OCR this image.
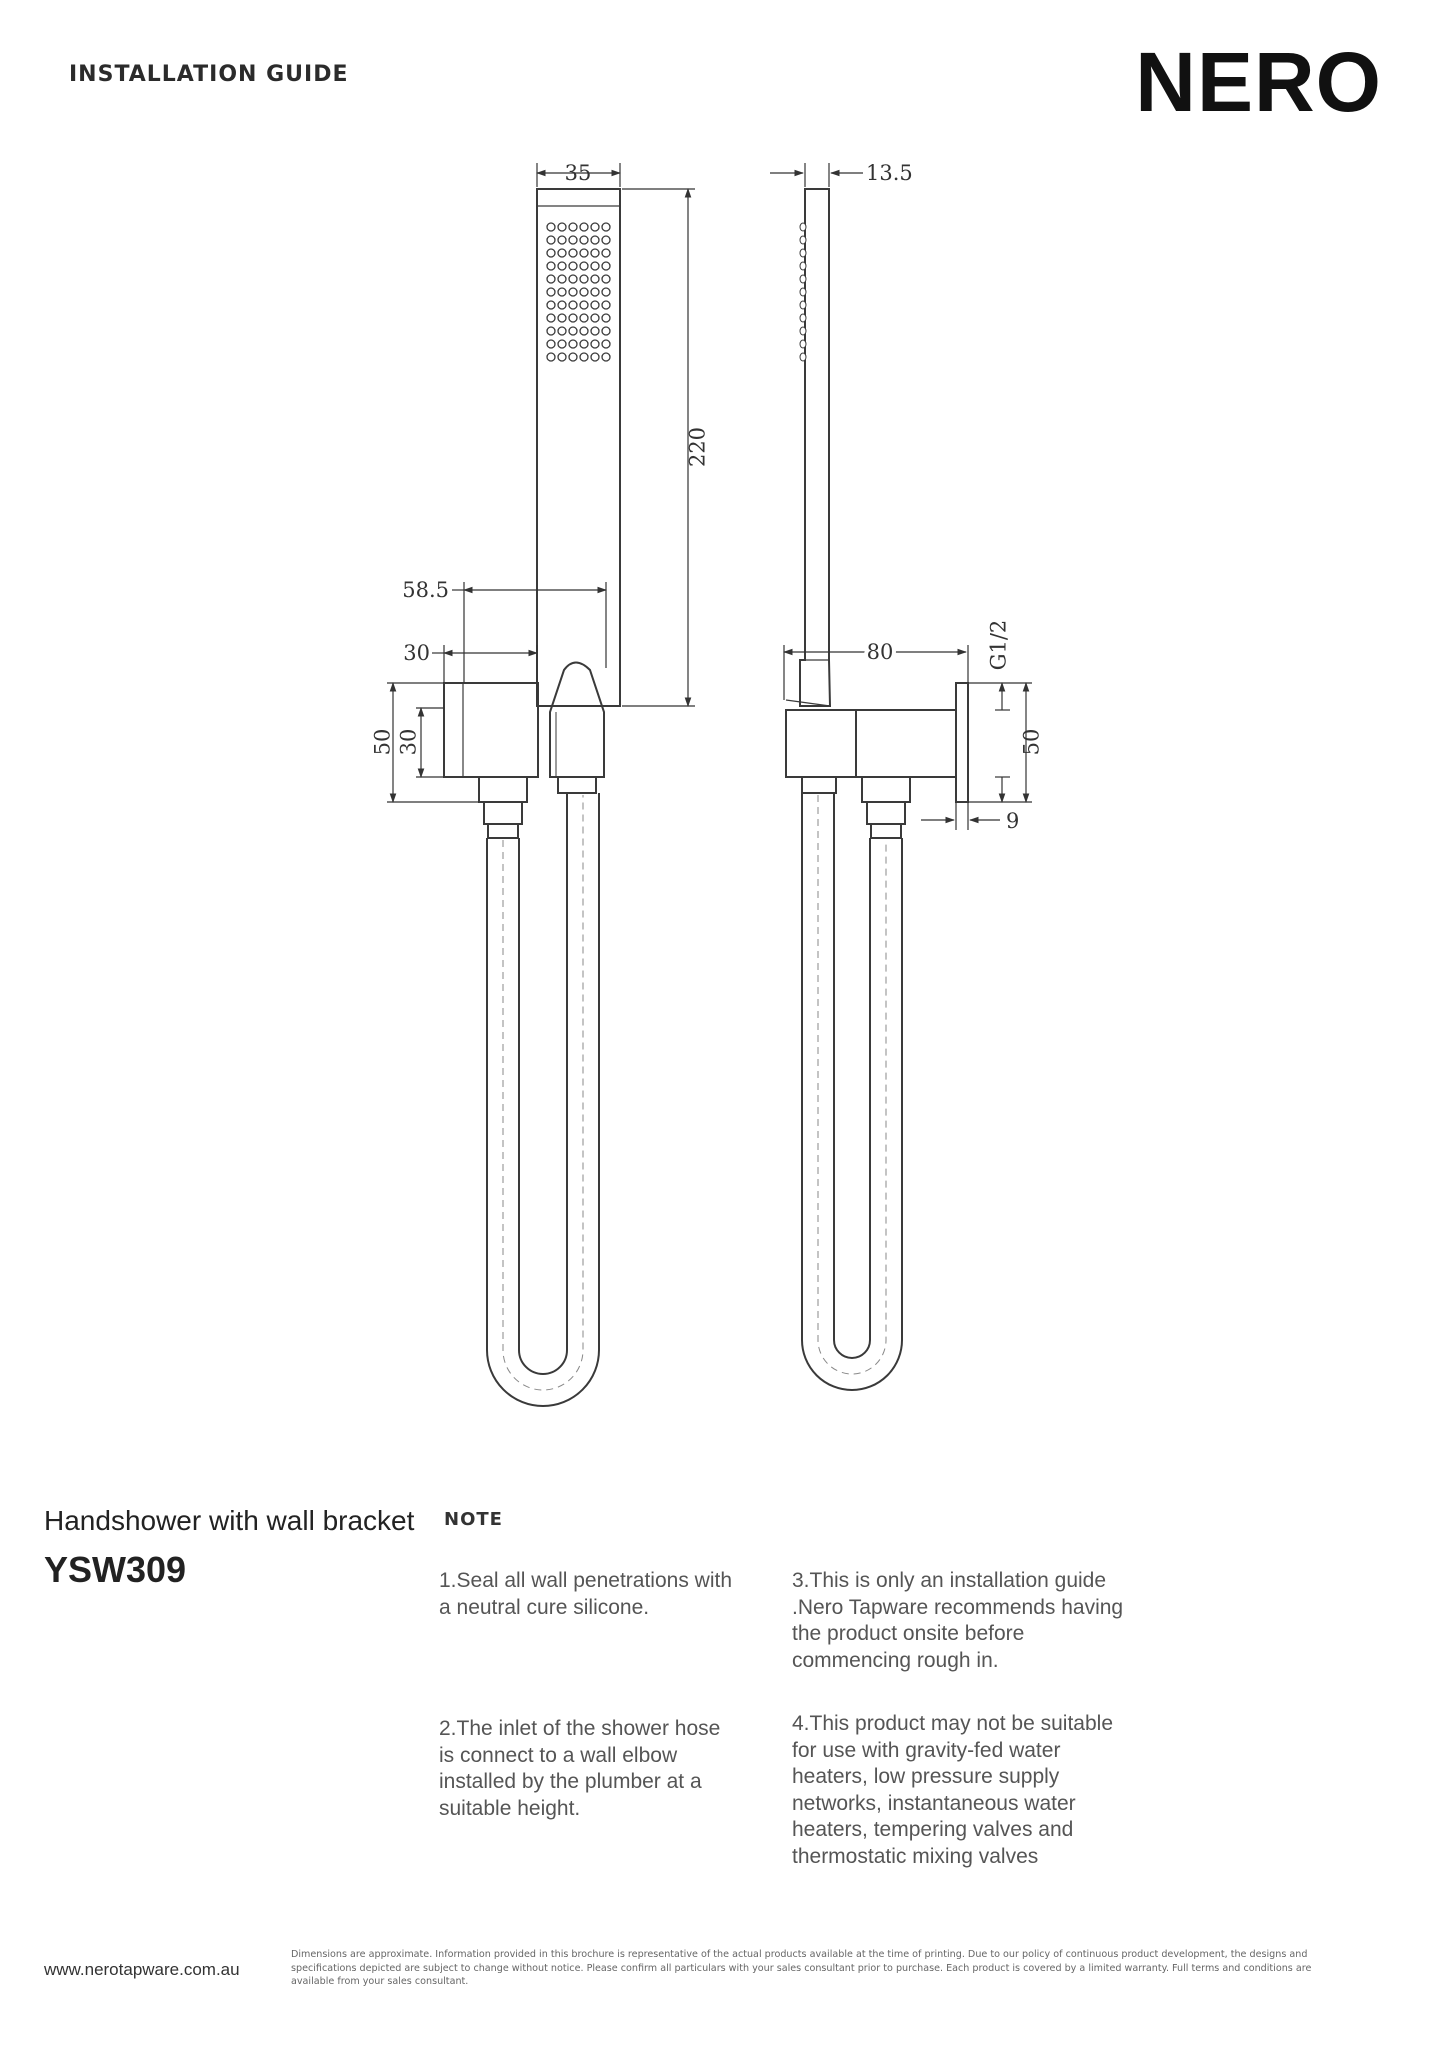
INSTALLATION GUIDE	NERO
35
220
58.5
30
50 30
13.5
80	G1/2
50
9
Handshower with wall bracket
YSW309
NOTE
1.Seal all wall penetrations with a neutral cure silicone.
2.The inlet of the shower hose is connect to a wall elbow installed by the plumber at a suitable height.
3.This is only an installation guide .Nero Tapware recommends having the product onsite before commencing rough in.
4.This product may not be suitable for use with gravity-fed water heaters, low pressure supply networks, instantaneous water heaters, tempering valves and thermostatic mixing valves
www.nerotapware.com.au
Dimensions are approximate. Information provided in this brochure is representative of the actual products available at the time of printing. Due to our policy of continuous product development, the designs and specifications depicted are subject to change without notice. Please confirm all particulars with your sales consultant prior to purchase. Each product is covered by a limited warranty. Full terms and conditions are available from your sales consultant.
